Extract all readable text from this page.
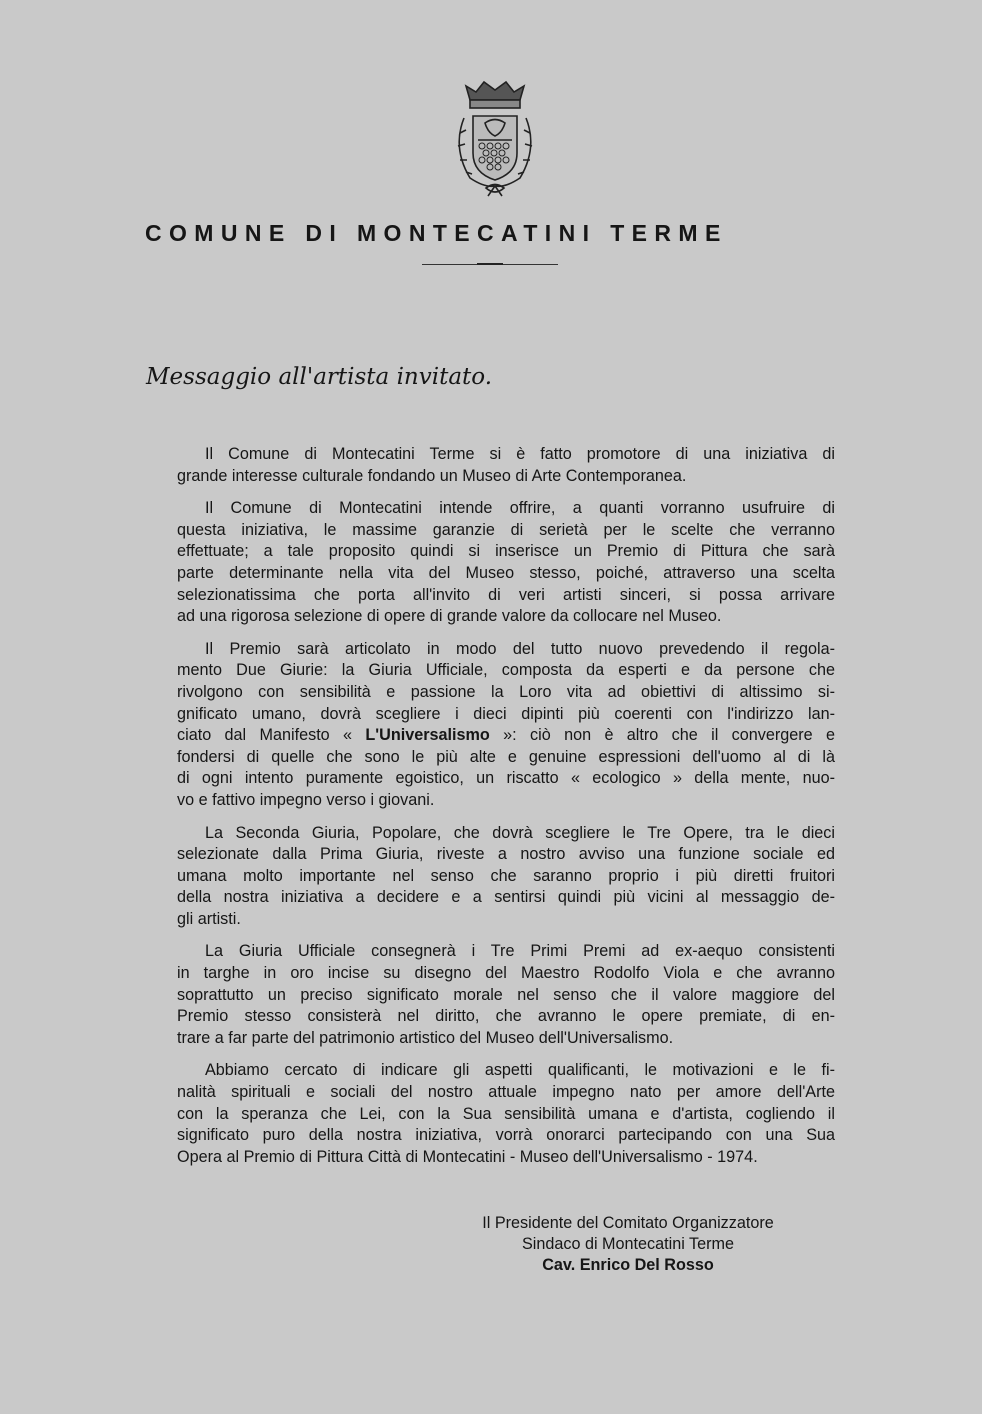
COMUNE DI MONTECATINI TERME
Messaggio all'artista invitato.
Il Comune di Montecatini Terme si è fatto promotore di una iniziativa di
grande interesse culturale fondando un Museo di Arte Contemporanea.
Il Comune di Montecatini intende offrire, a quanti vorranno usufruire di
questa iniziativa, le massime garanzie di serietà per le scelte che verranno
effettuate; a tale proposito quindi si inserisce un Premio di Pittura che sarà
parte determinante nella vita del Museo stesso, poiché, attraverso una scelta
selezionatissima che porta all'invito di veri artisti sinceri, si possa arrivare
ad una rigorosa selezione di opere di grande valore da collocare nel Museo.
Il Premio sarà articolato in modo del tutto nuovo prevedendo il regola-
mento Due Giurie: la Giuria Ufficiale, composta da esperti e da persone che
rivolgono con sensibilità e passione la Loro vita ad obiettivi di altissimo si-
gnificato umano, dovrà scegliere i dieci dipinti più coerenti con l'indirizzo lan-
ciato dal Manifesto « L'Universalismo »: ciò non è altro che il convergere e
fondersi di quelle che sono le più alte e genuine espressioni dell'uomo al di là
di ogni intento puramente egoistico, un riscatto « ecologico » della mente, nuo-
vo e fattivo impegno verso i giovani.
La Seconda Giuria, Popolare, che dovrà scegliere le Tre Opere, tra le dieci
selezionate dalla Prima Giuria, riveste a nostro avviso una funzione sociale ed
umana molto importante nel senso che saranno proprio i più diretti fruitori
della nostra iniziativa a decidere e a sentirsi quindi più vicini al messaggio de-
gli artisti.
La Giuria Ufficiale consegnerà i Tre Primi Premi ad ex-aequo consistenti
in targhe in oro incise su disegno del Maestro Rodolfo Viola e che avranno
soprattutto un preciso significato morale nel senso che il valore maggiore del
Premio stesso consisterà nel diritto, che avranno le opere premiate, di en-
trare a far parte del patrimonio artistico del Museo dell'Universalismo.
Abbiamo cercato di indicare gli aspetti qualificanti, le motivazioni e le fi-
nalità spirituali e sociali del nostro attuale impegno nato per amore dell'Arte
con la speranza che Lei, con la Sua sensibilità umana e d'artista, cogliendo il
significato puro della nostra iniziativa, vorrà onorarci partecipando con una Sua
Opera al Premio di Pittura Città di Montecatini - Museo dell'Universalismo - 1974.
Il Presidente del Comitato Organizzatore
Sindaco di Montecatini Terme
Cav. Enrico Del Rosso
